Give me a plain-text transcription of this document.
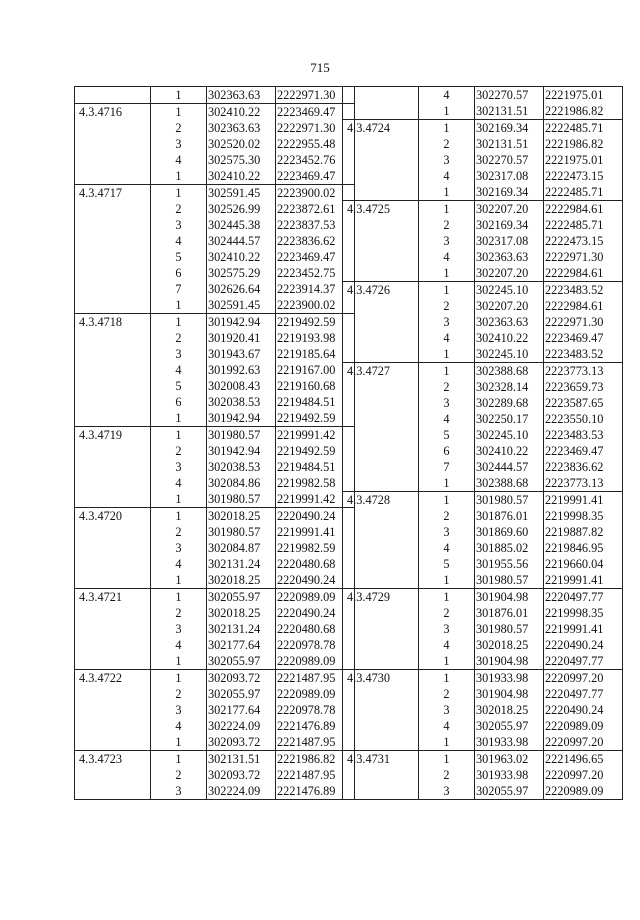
715
	1	302363.63	2222971.30
4.3.4716	1	302410.22	2223469.47
	2	302363.63	2222971.30
	3	302520.02	2222955.48
	4	302575.30	2223452.76
	1	302410.22	2223469.47
4.3.4717	1	302591.45	2223900.02
	2	302526.99	2223872.61
	3	302445.38	2223837.53
	4	302444.57	2223836.62
	5	302410.22	2223469.47
	6	302575.29	2223452.75
	7	302626.64	2223914.37
	1	302591.45	2223900.02
4.3.4718	1	301942.94	2219492.59
	2	301920.41	2219193.98
	3	301943.67	2219185.64
	4	301992.63	2219167.00
	5	302008.43	2219160.68
	6	302038.53	2219484.51
	1	301942.94	2219492.59
4.3.4719	1	301980.57	2219991.42
	2	301942.94	2219492.59
	3	302038.53	2219484.51
	4	302084.86	2219982.58
	1	301980.57	2219991.42
4.3.4720	1	302018.25	2220490.24
	2	301980.57	2219991.41
	3	302084.87	2219982.59
	4	302131.24	2220480.68
	1	302018.25	2220490.24
4.3.4721	1	302055.97	2220989.09
	2	302018.25	2220490.24
	3	302131.24	2220480.68
	4	302177.64	2220978.78
	1	302055.97	2220989.09
4.3.4722	1	302093.72	2221487.95
	2	302055.97	2220989.09
	3	302177.64	2220978.78
	4	302224.09	2221476.89
	1	302093.72	2221487.95
4.3.4723	1	302131.51	2221986.82
	2	302093.72	2221487.95
	3	302224.09	2221476.89
	4	302270.57	2221975.01
	1	302131.51	2221986.82
4.3.4724	1	302169.34	2222485.71
	2	302131.51	2221986.82
	3	302270.57	2221975.01
	4	302317.08	2222473.15
	1	302169.34	2222485.71
4.3.4725	1	302207.20	2222984.61
	2	302169.34	2222485.71
	3	302317.08	2222473.15
	4	302363.63	2222971.30
	1	302207.20	2222984.61
4.3.4726	1	302245.10	2223483.52
	2	302207.20	2222984.61
	3	302363.63	2222971.30
	4	302410.22	2223469.47
	1	302245.10	2223483.52
4.3.4727	1	302388.68	2223773.13
	2	302328.14	2223659.73
	3	302289.68	2223587.65
	4	302250.17	2223550.10
	5	302245.10	2223483.53
	6	302410.22	2223469.47
	7	302444.57	2223836.62
	1	302388.68	2223773.13
4.3.4728	1	301980.57	2219991.41
	2	301876.01	2219998.35
	3	301869.60	2219887.82
	4	301885.02	2219846.95
	5	301955.56	2219660.04
	1	301980.57	2219991.41
4.3.4729	1	301904.98	2220497.77
	2	301876.01	2219998.35
	3	301980.57	2219991.41
	4	302018.25	2220490.24
	1	301904.98	2220497.77
4.3.4730	1	301933.98	2220997.20
	2	301904.98	2220497.77
	3	302018.25	2220490.24
	4	302055.97	2220989.09
	1	301933.98	2220997.20
4.3.4731	1	301963.02	2221496.65
	2	301933.98	2220997.20
	3	302055.97	2220989.09
